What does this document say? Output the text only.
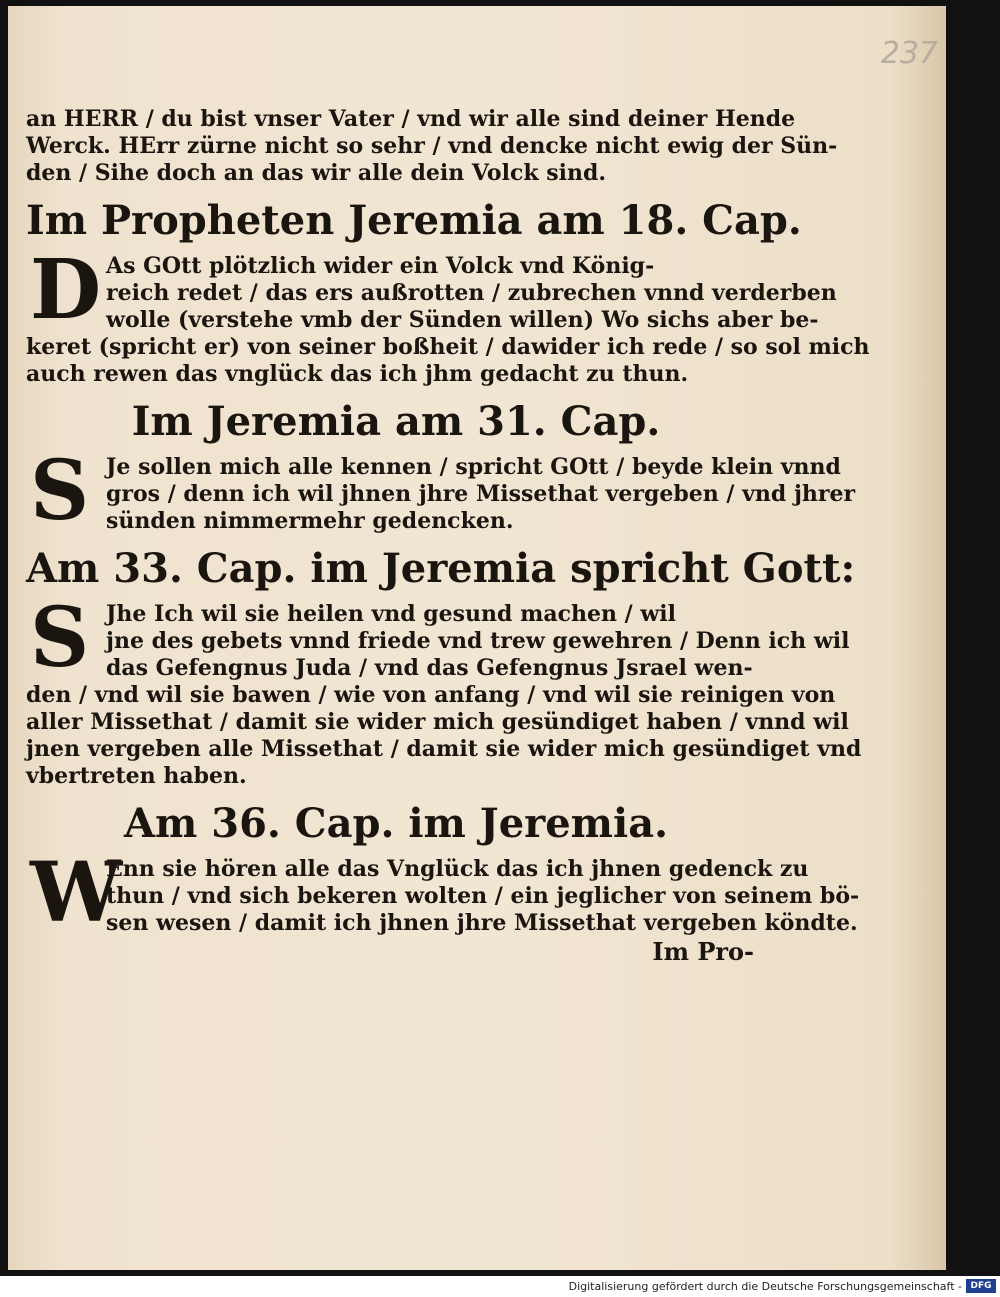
237
an HERR / du bist vnser Vater / vnd wir alle sind deiner Hende
Werck. HErr zürne nicht so sehr / vnd dencke nicht ewig der Sün-
den / Sihe doch an das wir alle dein Volck sind.
Im Propheten Jeremia am 18. Cap.
D As GOtt plötzlich wider ein Volck vnd König-
reich redet / das ers außrotten / zubrechen vnnd verderben
wolle (verstehe vmb der Sünden willen) Wo sichs aber be-
keret (spricht er) von seiner boßheit / dawider ich rede / so sol mich
auch rewen das vnglück das ich jhm gedacht zu thun.
Im Jeremia am 31. Cap.
S Je sollen mich alle kennen / spricht GOtt / beyde klein vnnd
gros / denn ich wil jhnen jhre Missethat vergeben / vnd jhrer
sünden nimmermehr gedencken.
Am 33. Cap. im Jeremia spricht Gott:
S Jhe Ich wil sie heilen vnd gesund machen / wil
jne des gebets vnnd friede vnd trew gewehren / Denn ich wil
das Gefengnus Juda / vnd das Gefengnus Jsrael wen-
den / vnd wil sie bawen / wie von anfang / vnd wil sie reinigen von
aller Missethat / damit sie wider mich gesündiget haben / vnnd wil
jnen vergeben alle Missethat / damit sie wider mich gesündiget vnd
vbertreten haben.
Am 36. Cap. im Jeremia.
W
Enn sie hören alle das Vnglück das ich jhnen gedenck zu
thun / vnd sich bekeren wolten / ein jeglicher von seinem bö-
sen wesen / damit ich jhnen jhre Missethat vergeben köndte.
Im Pro-
Digitalisierung gefördert durch die Deutsche Forschungsgemeinschaft - DFG
